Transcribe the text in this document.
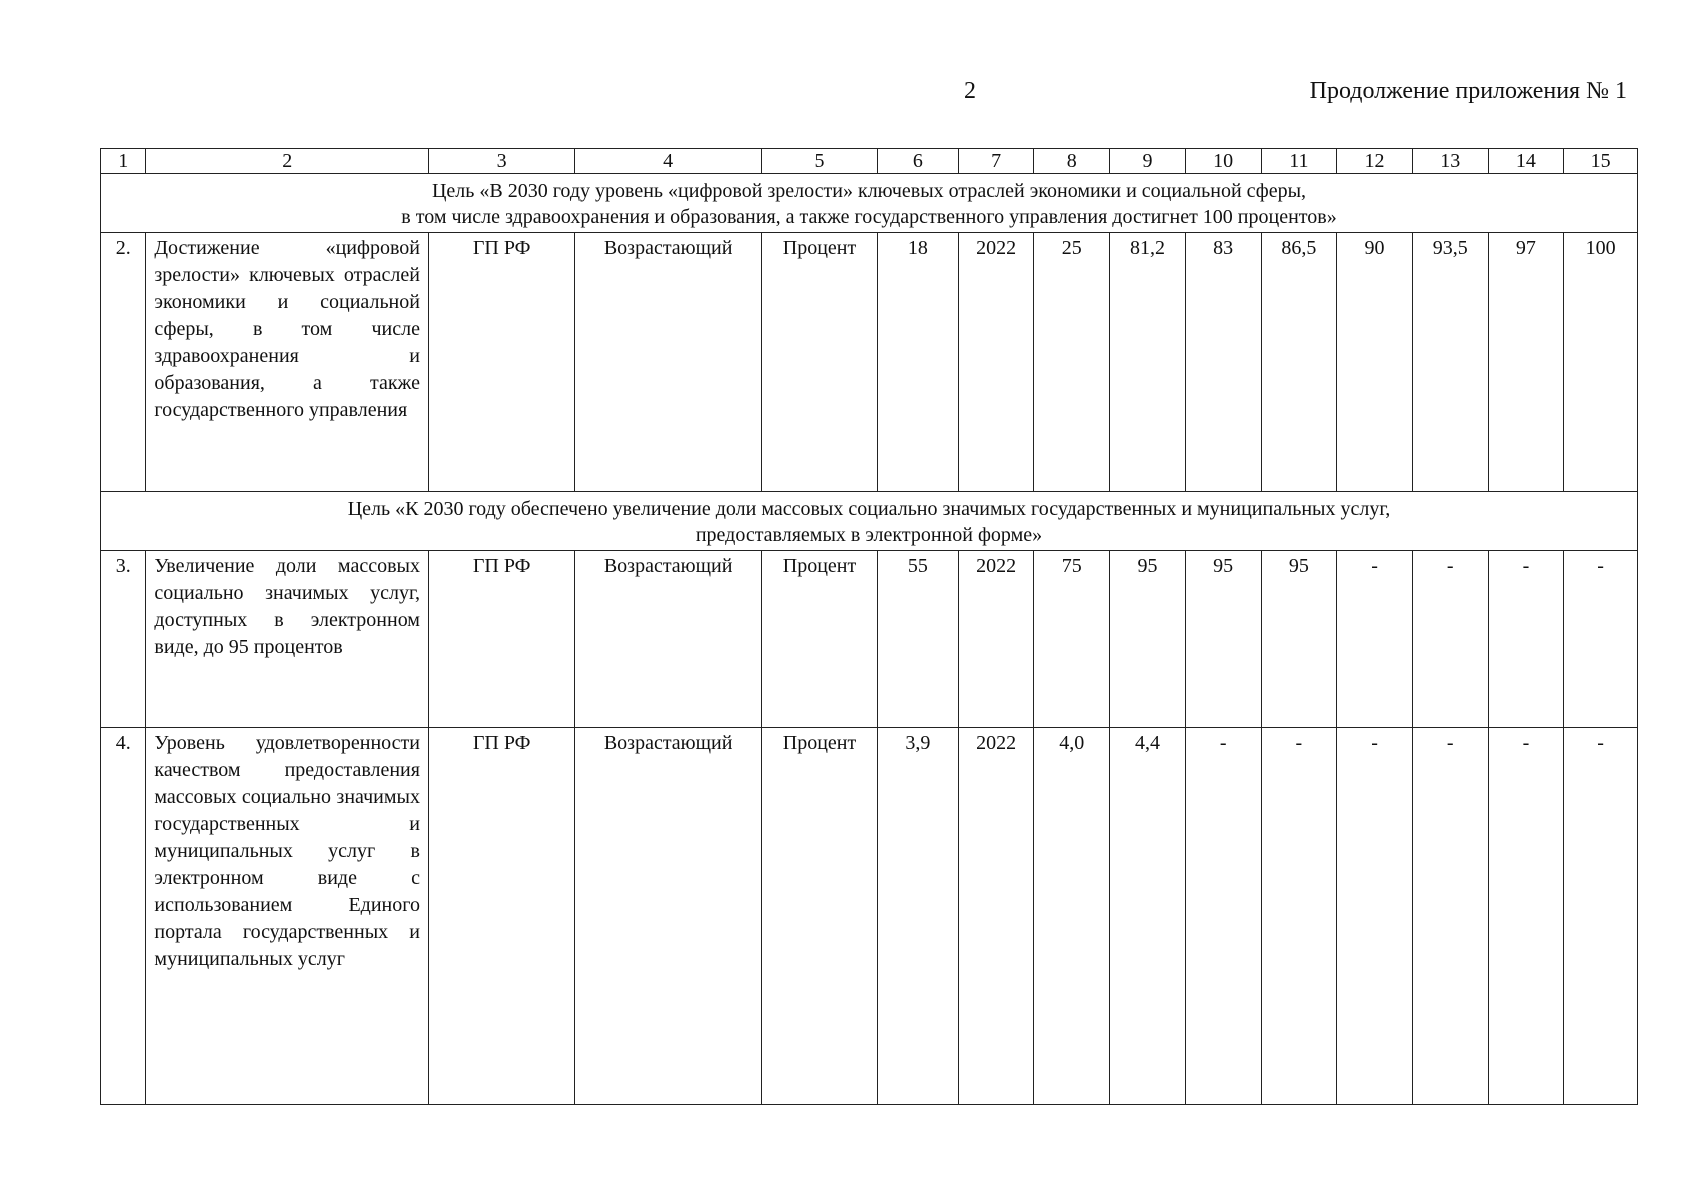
2	Продолжение приложения № 1
1	2	3	4	5	6	7	8	9	10	11	12	13	14	15

Цель «В 2030 году уровень «цифровой зрелости» ключевых отраслей экономики и социальной сферы,
в том числе здравоохранения и образования, а также государственного управления достигнет 100 процентов»														

2.	Достижение «цифровой зрелости» ключевых отраслей экономики и социальной сферы, в том числе здравоохранения и образования, а также государственного управления	ГП РФ	Возрастающий	Процент	18	2022	25	81,2	83	86,5	90	93,5	97	100

Цель «К 2030 году обеспечено увеличение доли массовых социально значимых государственных и муниципальных услуг,
предоставляемых в электронной форме»														

3.	Увеличение доли массовых социально значимых услуг, доступных в электронном виде, до 95 процентов	ГП РФ	Возрастающий	Процент	55	2022	75	95	95	95	-	-	-	-
4.	Уровень удовлетворенности качеством предоставления массовых социально значимых государственных и муниципальных услуг в электронном виде с использованием Единого портала государственных и муниципальных услуг	ГП РФ	Возрастающий	Процент	3,9	2022	4,0	4,4	-	-	-	-	-	-
